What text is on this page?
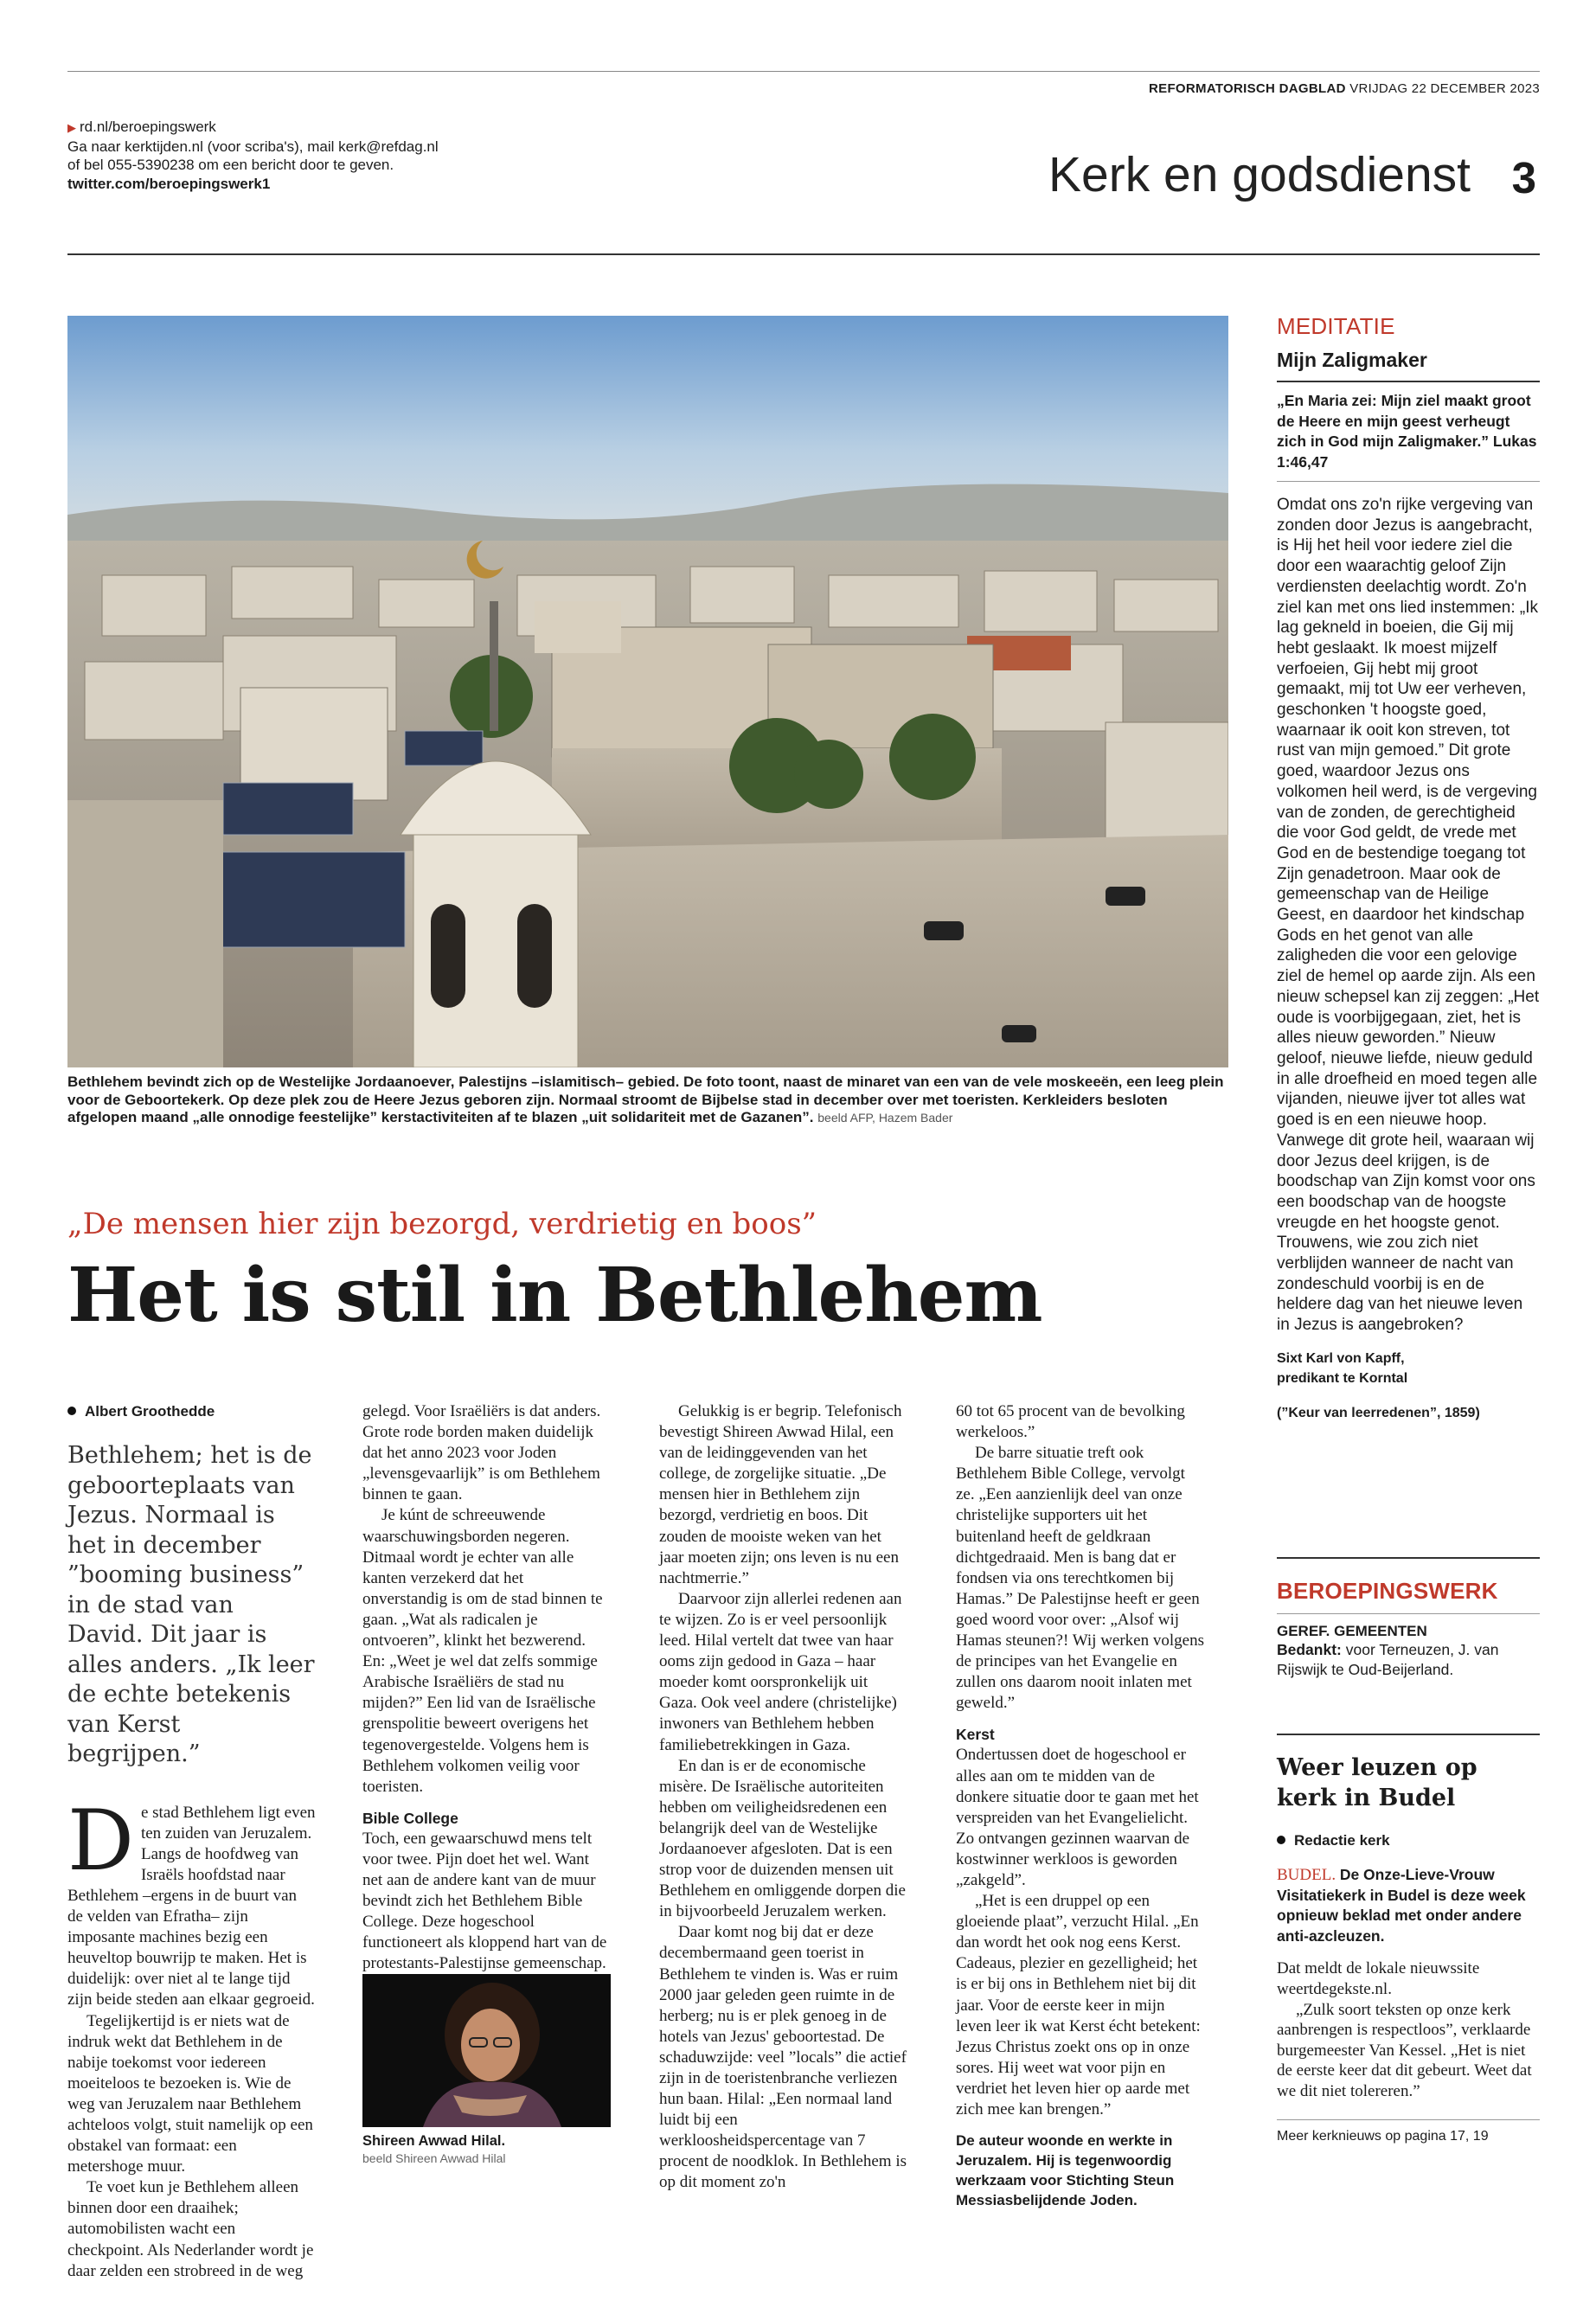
REFORMATORISCH DAGBLAD VRIJDAG 22 DECEMBER 2023
▶ rd.nl/beroepingswerk
Ga naar kerktijden.nl (voor scriba's), mail kerk@refdag.nl
of bel 055-5390238 om een bericht door te geven.
twitter.com/beroepingswerk1	Kerk en godsdienst 3
Bethlehem bevindt zich op de Westelijke Jordaanoever, Palestijns –islamitisch– gebied. De foto toont, naast de minaret van een van de vele moskeeën, een leeg plein voor de Geboortekerk. Op deze plek zou de Heere Jezus geboren zijn. Normaal stroomt de Bijbelse stad in december over met toeristen. Kerkleiders besloten afgelopen maand „alle onnodige feestelijke” kerstactiviteiten af te blazen „uit solidariteit met de Gazanen”. beeld AFP, Hazem Bader
„De mensen hier zijn bezorgd, verdrietig en boos”
Het is stil in Bethlehem
Albert Groothedde

Bethlehem; het is de geboorteplaats van Jezus. Normaal is het in december ”booming business” in de stad van David. Dit jaar is alles anders. „Ik leer de echte betekenis van Kerst begrijpen.”

De stad Bethlehem ligt even ten zuiden van Jeruzalem. Langs de hoofdweg van Israëls hoofdstad naar Bethlehem –ergens in de buurt van de velden van Efratha– zijn imposante machines bezig een heuveltop bouwrijp te maken. Het is duidelijk: over niet al te lange tijd zijn beide steden aan elkaar gegroeid.

Tegelijkertijd is er niets wat de indruk wekt dat Bethlehem in de nabije toekomst voor iedereen moeiteloos te bezoeken is. Wie de weg van Jeruzalem naar Bethlehem achteloos volgt, stuit namelijk op een obstakel van formaat: een metershoge muur.

Te voet kun je Bethlehem alleen binnen door een draaihek; automobilisten wacht een checkpoint. Als Nederlander wordt je daar zelden een strobreed in de weg

gelegd. Voor Israëliërs is dat anders. Grote rode borden maken duidelijk dat het anno 2023 voor Joden „levensgevaarlijk” is om Bethlehem binnen te gaan.

Je kúnt de schreeuwende waarschuwingsborden negeren. Ditmaal wordt je echter van alle kanten verzekerd dat het onverstandig is om de stad binnen te gaan. „Wat als radicalen je ontvoeren”, klinkt het bezwerend. En: „Weet je wel dat zelfs sommige Arabische Israëliërs de stad nu mijden?” Een lid van de Israëlische grenspolitie beweert overigens het tegenovergestelde. Volgens hem is Bethlehem volkomen veilig voor toeristen.

Bible College

Toch, een gewaarschuwd mens telt voor twee. Pijn doet het wel. Want net aan de andere kant van de muur bevindt zich het Bethlehem Bible College. Deze hogeschool functioneert als kloppend hart van de protestants-Palestijnse gemeenschap.

Shireen Awwad Hilal.
beeld Shireen Awwad Hilal

Gelukkig is er begrip. Telefonisch bevestigt Shireen Awwad Hilal, een van de leidinggevenden van het college, de zorgelijke situatie. „De mensen hier in Bethlehem zijn bezorgd, verdrietig en boos. Dit zouden de mooiste weken van het jaar moeten zijn; ons leven is nu een nachtmerrie.”

Daarvoor zijn allerlei redenen aan te wijzen. Zo is er veel persoonlijk leed. Hilal vertelt dat twee van haar ooms zijn gedood in Gaza – haar moeder komt oorspronkelijk uit Gaza. Ook veel andere (christelijke) inwoners van Bethlehem hebben familiebetrekkingen in Gaza.

En dan is er de economische misère. De Israëlische autoriteiten hebben om veiligheidsredenen een belangrijk deel van de Westelijke Jordaanoever afgesloten. Dat is een strop voor de duizenden mensen uit Bethlehem en omliggende dorpen die in bijvoorbeeld Jeruzalem werken.

Daar komt nog bij dat er deze decembermaand geen toerist in Bethlehem te vinden is. Was er ruim 2000 jaar geleden geen ruimte in de herberg; nu is er plek genoeg in de hotels van Jezus' geboortestad. De schaduwzijde: veel ”locals” die actief zijn in de toeristenbranche verliezen hun baan. Hilal: „Een normaal land luidt bij een werkloosheidspercentage van 7 procent de noodklok. In Bethlehem is op dit moment zo'n

60 tot 65 procent van de bevolking werkeloos.”

De barre situatie treft ook Bethlehem Bible College, vervolgt ze. „Een aanzienlijk deel van onze christelijke supporters uit het buitenland heeft de geldkraan dichtgedraaid. Men is bang dat er fondsen via ons terechtkomen bij Hamas.” De Palestijnse heeft er geen goed woord voor over: „Alsof wij Hamas steunen?! Wij werken volgens de principes van het Evangelie en zullen ons daarom nooit inlaten met geweld.”

Kerst

Ondertussen doet de hogeschool er alles aan om te midden van de donkere situatie door te gaan met het verspreiden van het Evangelielicht. Zo ontvangen gezinnen waarvan de kostwinner werkloos is geworden „zakgeld”.

„Het is een druppel op een gloeiende plaat”, verzucht Hilal. „En dan wordt het ook nog eens Kerst. Cadeaus, plezier en gezelligheid; het is er bij ons in Bethlehem niet bij dit jaar. Voor de eerste keer in mijn leven leer ik wat Kerst écht betekent: Jezus Christus zoekt ons op in onze sores. Hij weet wat voor pijn en verdriet het leven hier op aarde met zich mee kan brengen.”

De auteur woonde en werkte in Jeruzalem. Hij is tegenwoordig werkzaam voor Stichting Steun Messiasbelijdende Joden.

MEDITATIE
Mijn Zaligmaker

„En Maria zei: Mijn ziel maakt groot de Heere en mijn geest verheugt zich in God mijn Zaligmaker.” Lukas 1:46,47

Omdat ons zo'n rijke vergeving van zonden door Jezus is aangebracht, is Hij het heil voor iedere ziel die door een waarachtig geloof Zijn verdiensten deelachtig wordt. Zo'n ziel kan met ons lied instemmen: „Ik lag gekneld in boeien, die Gij mij hebt geslaakt. Ik moest mijzelf verfoeien, Gij hebt mij groot gemaakt, mij tot Uw eer verheven, geschonken 't hoogste goed, waarnaar ik ooit kon streven, tot rust van mijn gemoed.” Dit grote goed, waardoor Jezus ons volkomen heil werd, is de vergeving van de zonden, de gerechtigheid die voor God geldt, de vrede met God en de bestendige toegang tot Zijn genadetroon. Maar ook de gemeenschap van de Heilige Geest, en daardoor het kindschap Gods en het genot van alle zaligheden die voor een gelovige ziel de hemel op aarde zijn. Als een nieuw schepsel kan zij zeggen: „Het oude is voorbijgegaan, ziet, het is alles nieuw geworden.” Nieuw geloof, nieuwe liefde, nieuw geduld in alle droefheid en moed tegen alle vijanden, nieuwe ijver tot alles wat goed is en een nieuwe hoop. Vanwege dit grote heil, waaraan wij door Jezus deel krijgen, is de boodschap van Zijn komst voor ons een boodschap van de hoogste vreugde en het hoogste genot. Trouwens, wie zou zich niet verblijden wanneer de nacht van zondeschuld voorbij is en de heldere dag van het nieuwe leven in Jezus is aangebroken?

Sixt Karl von Kapff,
predikant te Korntal

(”Keur van leerredenen”, 1859)

BEROEPINGSWERK
GEREF. GEMEENTEN

Bedankt: voor Terneuzen, J. van Rijswijk te Oud-Beijerland.

Weer leuzen op kerk in Budel
Redactie kerk

BUDEL. De Onze-Lieve-Vrouw Visitatiekerk in Budel is deze week opnieuw beklad met onder andere anti-azcleuzen.

Dat meldt de lokale nieuwssite weertdegekste.nl.

„Zulk soort teksten op onze kerk aanbrengen is respectloos”, verklaarde burgemeester Van Kessel. „Het is niet de eerste keer dat dit gebeurt. Weet dat we dit niet tolereren.”

Meer kerknieuws op pagina 17, 19
